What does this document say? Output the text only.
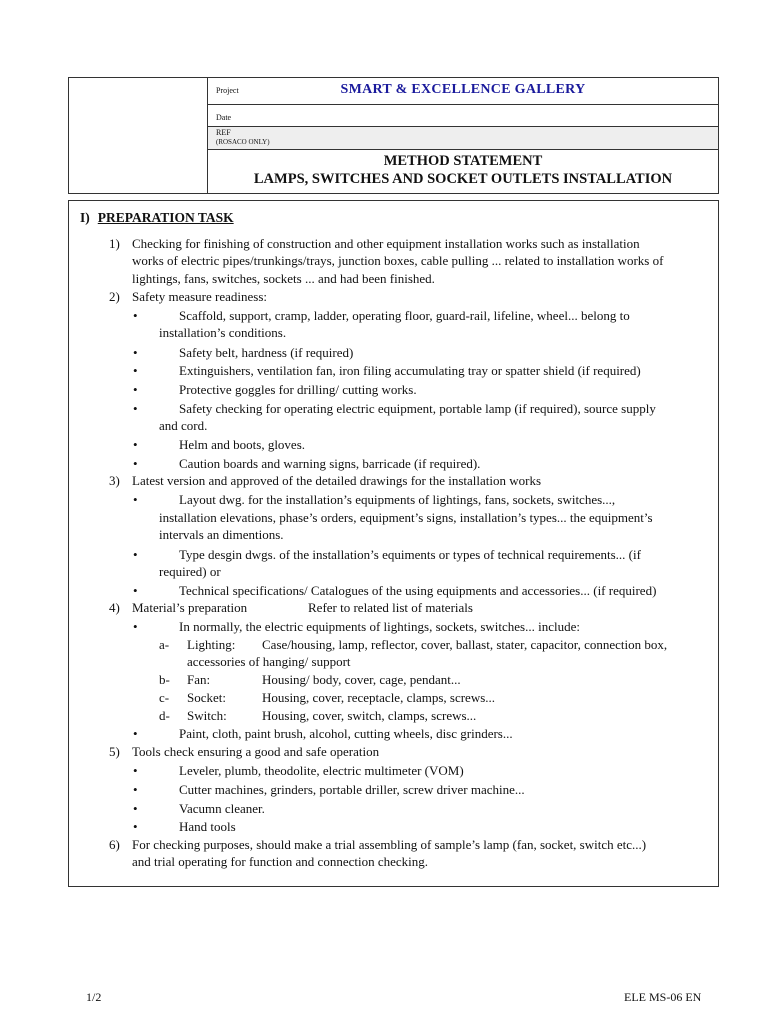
Project	SMART & EXCELLENCE GALLERY
Date
REF
(ROSACO ONLY)
METHOD STATEMENT
LAMPS, SWITCHES AND SOCKET OUTLETS INSTALLATION
I) PREPARATION TASK
1) Checking for finishing of construction and other equipment installation works such as installation
works of electric pipes/trunkings/trays, junction boxes, cable pulling ... related to installation works of
lightings, fans, switches, sockets ... and had been finished.
2) Safety measure readiness:
•	Scaffold, support, cramp, ladder, operating floor, guard-rail, lifeline, wheel... belong to
installation’s conditions.
•	Safety belt, hardness (if required)
•	Extinguishers, ventilation fan, iron filing accumulating tray or spatter shield (if required)
•	Protective goggles for drilling/ cutting works.
•	Safety checking for operating electric equipment, portable lamp (if required), source supply
and cord.
•	Helm and boots, gloves.
•	Caution boards and warning signs, barricade (if required).
3) Latest version and approved of the detailed drawings for the installation works
•	Layout dwg. for the installation’s equipments of lightings, fans, sockets, switches...,
installation elevations, phase’s orders, equipment’s signs, installation’s types... the equipment’s
intervals an dimentions.
•	Type desgin dwgs. of the installation’s equiments or types of technical requirements... (if
required) or
•	Technical specifications/ Catalogues of the using equipments and accessories... (if required)
4) Material’s preparation	Refer to related list of materials
•	In normally, the electric equipments of lightings, sockets, switches... include:
a- Lighting: Case/housing, lamp, reflector, cover, ballast, stater, capacitor, connection box,
accessories of hanging/ support
b- Fan:	Housing/ body, cover, cage, pendant...
c- Socket:	Housing, cover, receptacle, clamps, screws...
d- Switch:	Housing, cover, switch, clamps, screws...
•	Paint, cloth, paint brush, alcohol, cutting wheels, disc grinders...
5) Tools check ensuring a good and safe operation
•	Leveler, plumb, theodolite, electric multimeter (VOM)
•	Cutter machines, grinders, portable driller, screw driver machine...
•	Vacumn cleaner.
•	Hand tools
6) For checking purposes, should make a trial assembling of sample’s lamp (fan, socket, switch etc...)
and trial operating for function and connection checking.
1/2	ELE MS-06 EN
